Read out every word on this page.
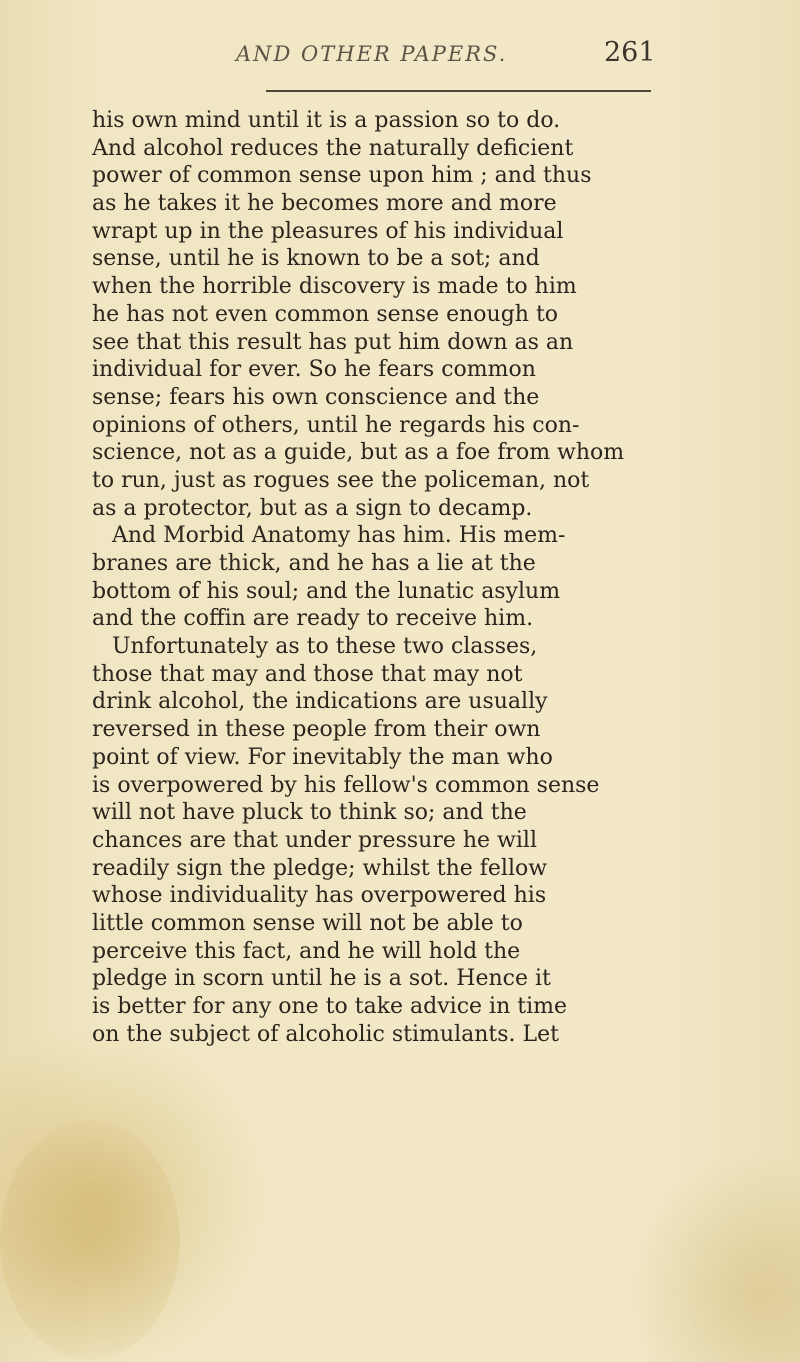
AND OTHER PAPERS.	261
his own mind until it is a passion so to do.
And alcohol reduces the naturally deficient
power of common sense upon him ; and thus
as he takes it he becomes more and more
wrapt up in the pleasures of his individual
sense, until he is known to be a sot; and
when the horrible discovery is made to him
he has not even common sense enough to
see that this result has put him down as an
individual for ever. So he fears common
sense; fears his own conscience and the
opinions of others, until he regards his con-
science, not as a guide, but as a foe from whom
to run, just as rogues see the policeman, not
as a protector, but as a sign to decamp.
And Morbid Anatomy has him. His mem-
branes are thick, and he has a lie at the
bottom of his soul; and the lunatic asylum
and the coffin are ready to receive him.
Unfortunately as to these two classes,
those that may and those that may not
drink alcohol, the indications are usually
reversed in these people from their own
point of view. For inevitably the man who
is overpowered by his fellow's common sense
will not have pluck to think so; and the
chances are that under pressure he will
readily sign the pledge; whilst the fellow
whose individuality has overpowered his
little common sense will not be able to
perceive this fact, and he will hold the
pledge in scorn until he is a sot. Hence it
is better for any one to take advice in time
on the subject of alcoholic stimulants. Let
